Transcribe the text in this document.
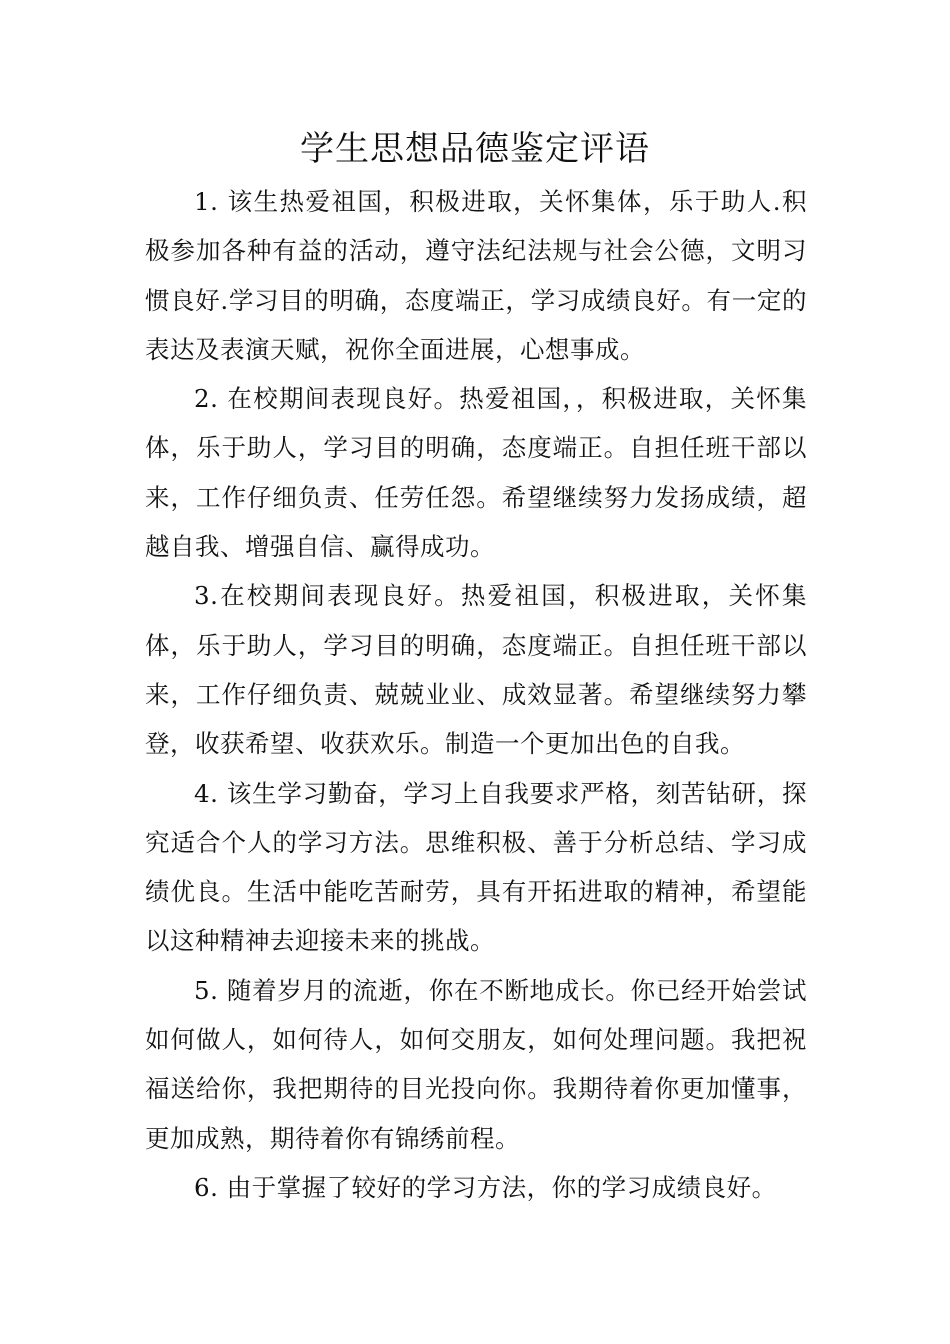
学生思想品德鉴定评语

1. 该生热爱祖国，积极进取，关怀集体，乐于助人.积极参加各种有益的活动，遵守法纪法规与社会公德，文明习惯良好.学习目的明确，态度端正，学习成绩良好。有一定的表达及表演天赋，祝你全面进展，心想事成。

2. 在校期间表现良好。热爱祖国，，积极进取，关怀集体，乐于助人，学习目的明确，态度端正。自担任班干部以来，工作仔细负责、任劳任怨。希望继续努力发扬成绩，超越自我、增强自信、赢得成功。

3.在校期间表现良好。热爱祖国，积极进取，关怀集体，乐于助人，学习目的明确，态度端正。自担任班干部以来，工作仔细负责、兢兢业业、成效显著。希望继续努力攀登，收获希望、收获欢乐。制造一个更加出色的自我。

4. 该生学习勤奋，学习上自我要求严格，刻苦钻研，探究适合个人的学习方法。思维积极、善于分析总结、学习成绩优良。生活中能吃苦耐劳，具有开拓进取的精神，希望能以这种精神去迎接未来的挑战。

5. 随着岁月的流逝，你在不断地成长。你已经开始尝试如何做人，如何待人，如何交朋友，如何处理问题。我把祝福送给你，我把期待的目光投向你。我期待着你更加懂事，更加成熟，期待着你有锦绣前程。

6. 由于掌握了较好的学习方法，你的学习成绩良好。
